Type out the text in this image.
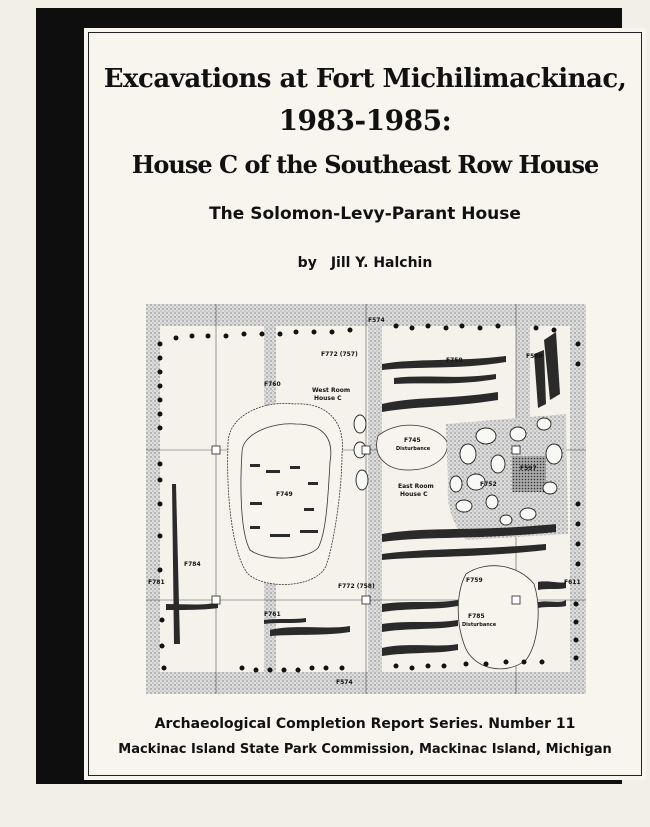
Excavations at Fort Michilimackinac,
1983-1985:
House C of the Southeast Row House
The Solomon-Levy-Parant House
by Jill Y. Halchin
F574
F574
F772 (757)
F772 (758)
F759
F759
F589
F760
West Room
House C
F745
Disturbance
F597
F752
East Room
House C
F749
F784
F781
F761	F785
Disturbance
F611
Archaeological Completion Report Series. Number 11
Mackinac Island State Park Commission, Mackinac Island, Michigan
